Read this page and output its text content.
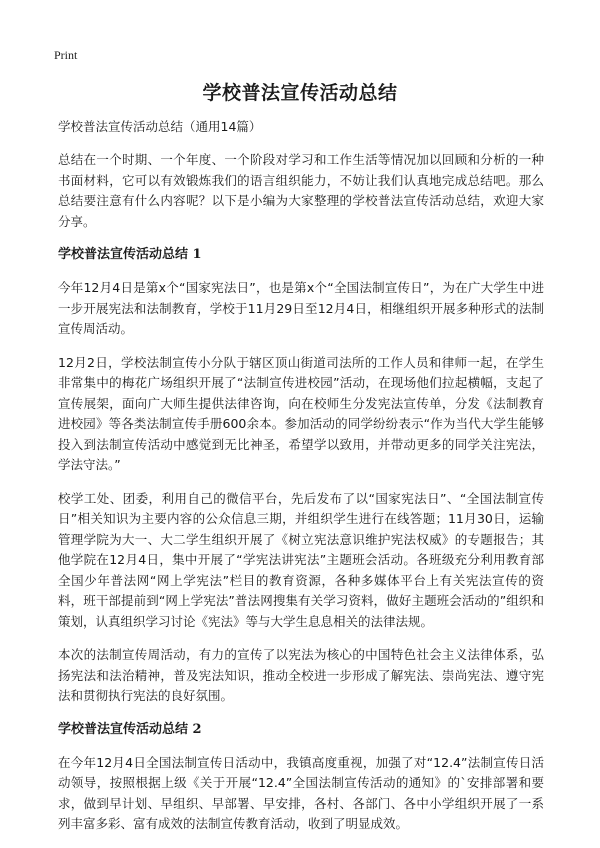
Print
学校普法宣传活动总结
学校普法宣传活动总结（通用14篇）

总结在一个时期、一个年度、一个阶段对学习和工作生活等情况加以回顾和分析的一种书面材料，它可以有效锻炼我们的语言组织能力，不妨让我们认真地完成总结吧。那么总结要注意有什么内容呢？以下是小编为大家整理的学校普法宣传活动总结，欢迎大家分享。

学校普法宣传活动总结 1

今年12月4日是第x个“国家宪法日”，也是第x个“全国法制宣传日”，为在广大学生中进一步开展宪法和法制教育，学校于11月29日至12月4日，相继组织开展多种形式的法制宣传周活动。

12月2日，学校法制宣传小分队于辖区顶山街道司法所的工作人员和律师一起，在学生非常集中的梅花广场组织开展了“法制宣传进校园”活动，在现场他们拉起横幅，支起了宣传展架，面向广大师生提供法律咨询，向在校师生分发宪法宣传单，分发《法制教育进校园》等各类法制宣传手册600余本。参加活动的同学纷纷表示“作为当代大学生能够投入到法制宣传活动中感觉到无比神圣，希望学以致用，并带动更多的同学关注宪法，学法守法。”

校学工处、团委，利用自己的微信平台，先后发布了以“国家宪法日”、“全国法制宣传日”相关知识为主要内容的公众信息三期，并组织学生进行在线答题；11月30日，运输管理学院为大一、大二学生组织开展了《树立宪法意识维护宪法权威》的专题报告；其他学院在12月4日，集中开展了“学宪法讲宪法”主题班会活动。各班级充分利用教育部全国少年普法网“网上学宪法”栏目的教育资源，各种多媒体平台上有关宪法宣传的资料，班干部提前到“网上学宪法”普法网搜集有关学习资料，做好主题班会活动的”组织和策划，认真组织学习讨论《宪法》等与大学生息息相关的法律法规。

本次的法制宣传周活动，有力的宣传了以宪法为核心的中国特色社会主义法律体系，弘扬宪法和法治精神，普及宪法知识，推动全校进一步形成了解宪法、崇尚宪法、遵守宪法和贯彻执行宪法的良好氛围。

学校普法宣传活动总结 2

在今年12月4日全国法制宣传日活动中，我镇高度重视，加强了对“12.4”法制宣传日活动领导，按照根据上级《关于开展“12.4”全国法制宣传活动的通知》的`安排部署和要求，做到早计划、早组织、早部署、早安排，各村、各部门、各中小学组织开展了一系列丰富多彩、富有成效的法制宣传教育活动，收到了明显成效。
